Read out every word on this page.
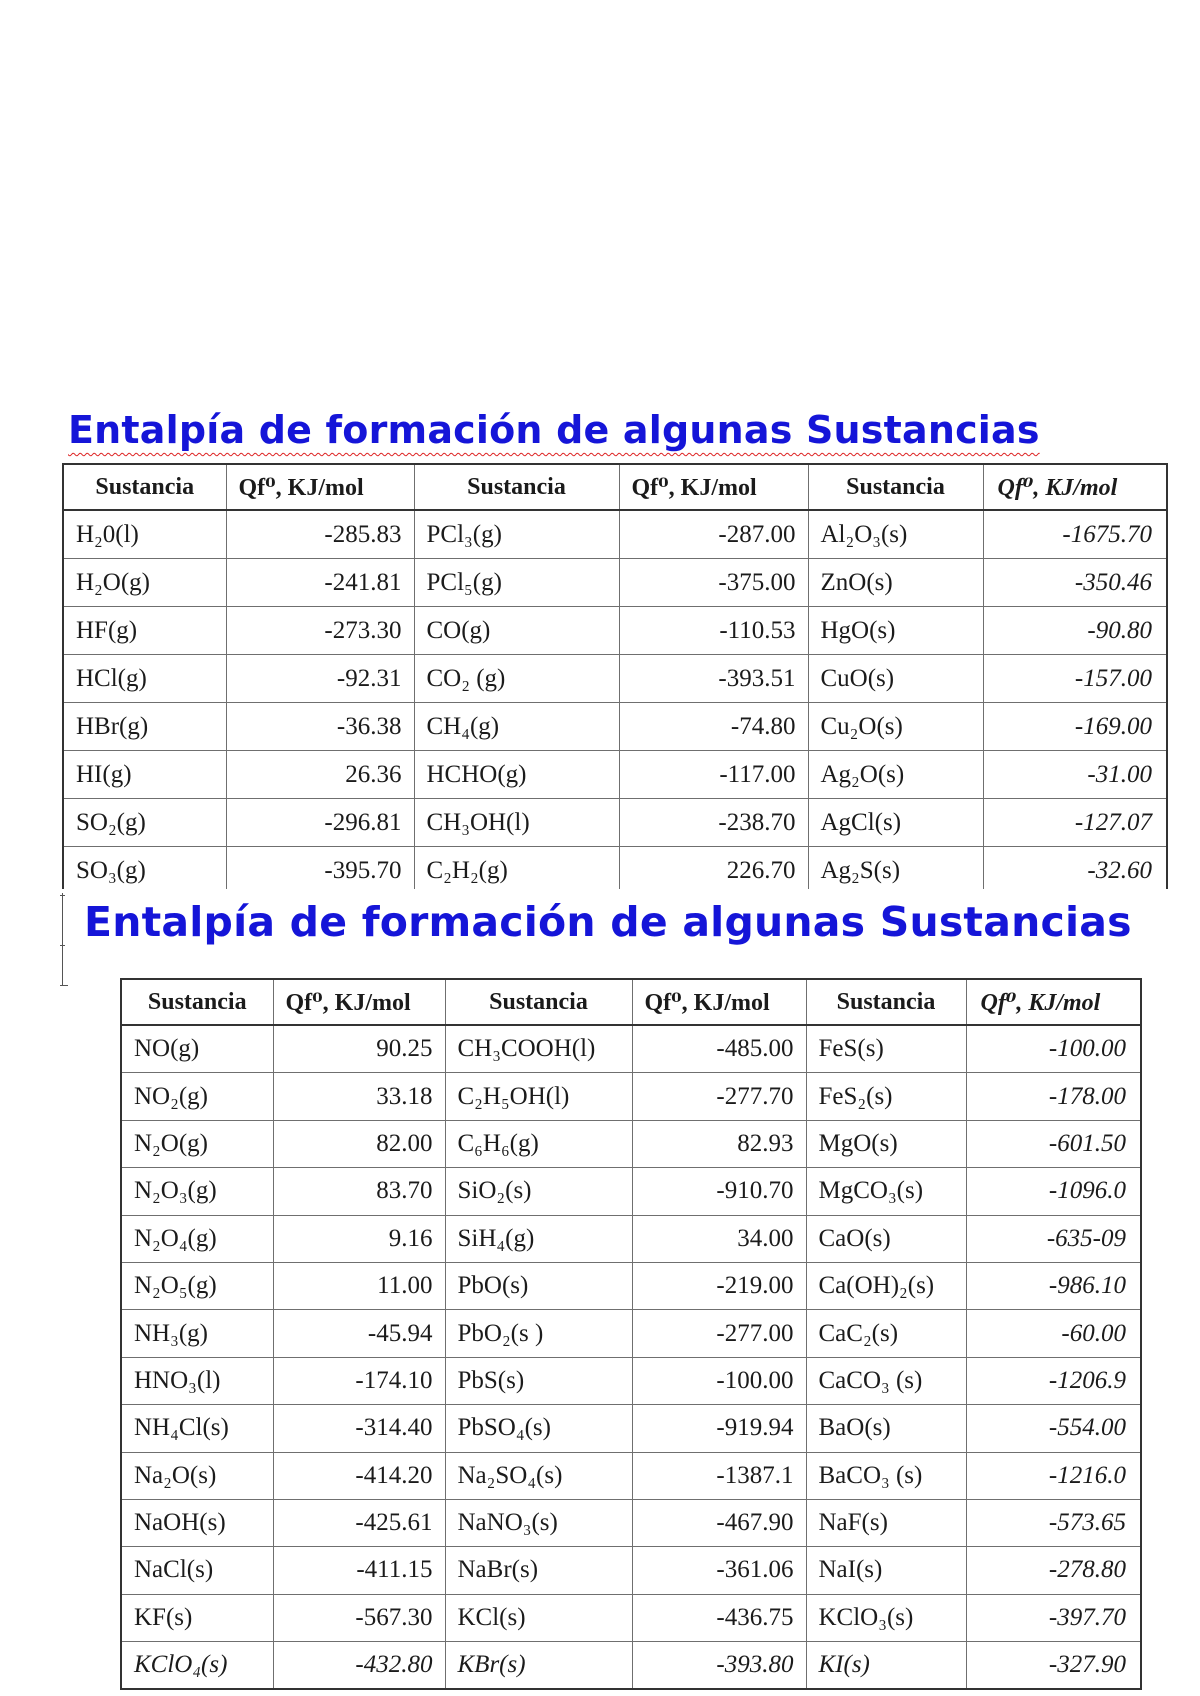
Entalpía de formación de algunas Sustancias
Sustancia	Qf⁰, KJ/mol	Sustancia	Qf⁰, KJ/mol	Sustancia	Qf⁰, KJ/mol
H₂0(l)	-285.83	PCl₃(g)	-287.00	Al₂O₃(s)	-1675.70
H₂O(g)	-241.81	PCl₅(g)	-375.00	ZnO(s)	-350.46
HF(g)	-273.30	CO(g)	-110.53	HgO(s)	-90.80
HCl(g)	-92.31	CO₂ (g)	-393.51	CuO(s)	-157.00
HBr(g)	-36.38	CH₄(g)	-74.80	Cu₂O(s)	-169.00
HI(g)	26.36	HCHO(g)	-117.00	Ag₂O(s)	-31.00
SO₂(g)	-296.81	CH₃OH(l)	-238.70	AgCl(s)	-127.07
SO₃(g)	-395.70	C₂H₂(g)	226.70	Ag₂S(s)	-32.60
Entalpía de formación de algunas Sustancias
Sustancia	Qf⁰, KJ/mol	Sustancia	Qf⁰, KJ/mol	Sustancia	Qf⁰, KJ/mol
NO(g)	90.25	CH₃COOH(l)	-485.00	FeS(s)	-100.00
NO₂(g)	33.18	C₂H₅OH(l)	-277.70	FeS₂(s)	-178.00
N₂O(g)	82.00	C₆H₆(g)	82.93	MgO(s)	-601.50
N₂O₃(g)	83.70	SiO₂(s)	-910.70	MgCO₃(s)	-1096.0
N₂O₄(g)	9.16	SiH₄(g)	34.00	CaO(s)	-635-09
N₂O₅(g)	11.00	PbO(s)	-219.00	Ca(OH)₂(s)	-986.10
NH₃(g)	-45.94	PbO₂(s )	-277.00	CaC₂(s)	-60.00
HNO₃(l)	-174.10	PbS(s)	-100.00	CaCO₃ (s)	-1206.9
NH₄Cl(s)	-314.40	PbSO₄(s)	-919.94	BaO(s)	-554.00
Na₂O(s)	-414.20	Na₂SO₄(s)	-1387.1	BaCO₃ (s)	-1216.0
NaOH(s)	-425.61	NaNO₃(s)	-467.90	NaF(s)	-573.65
NaCl(s)	-411.15	NaBr(s)	-361.06	NaI(s)	-278.80
KF(s)	-567.30	KCl(s)	-436.75	KClO₃(s)	-397.70
KClO₄(s)	-432.80	KBr(s)	-393.80	KI(s)	-327.90
